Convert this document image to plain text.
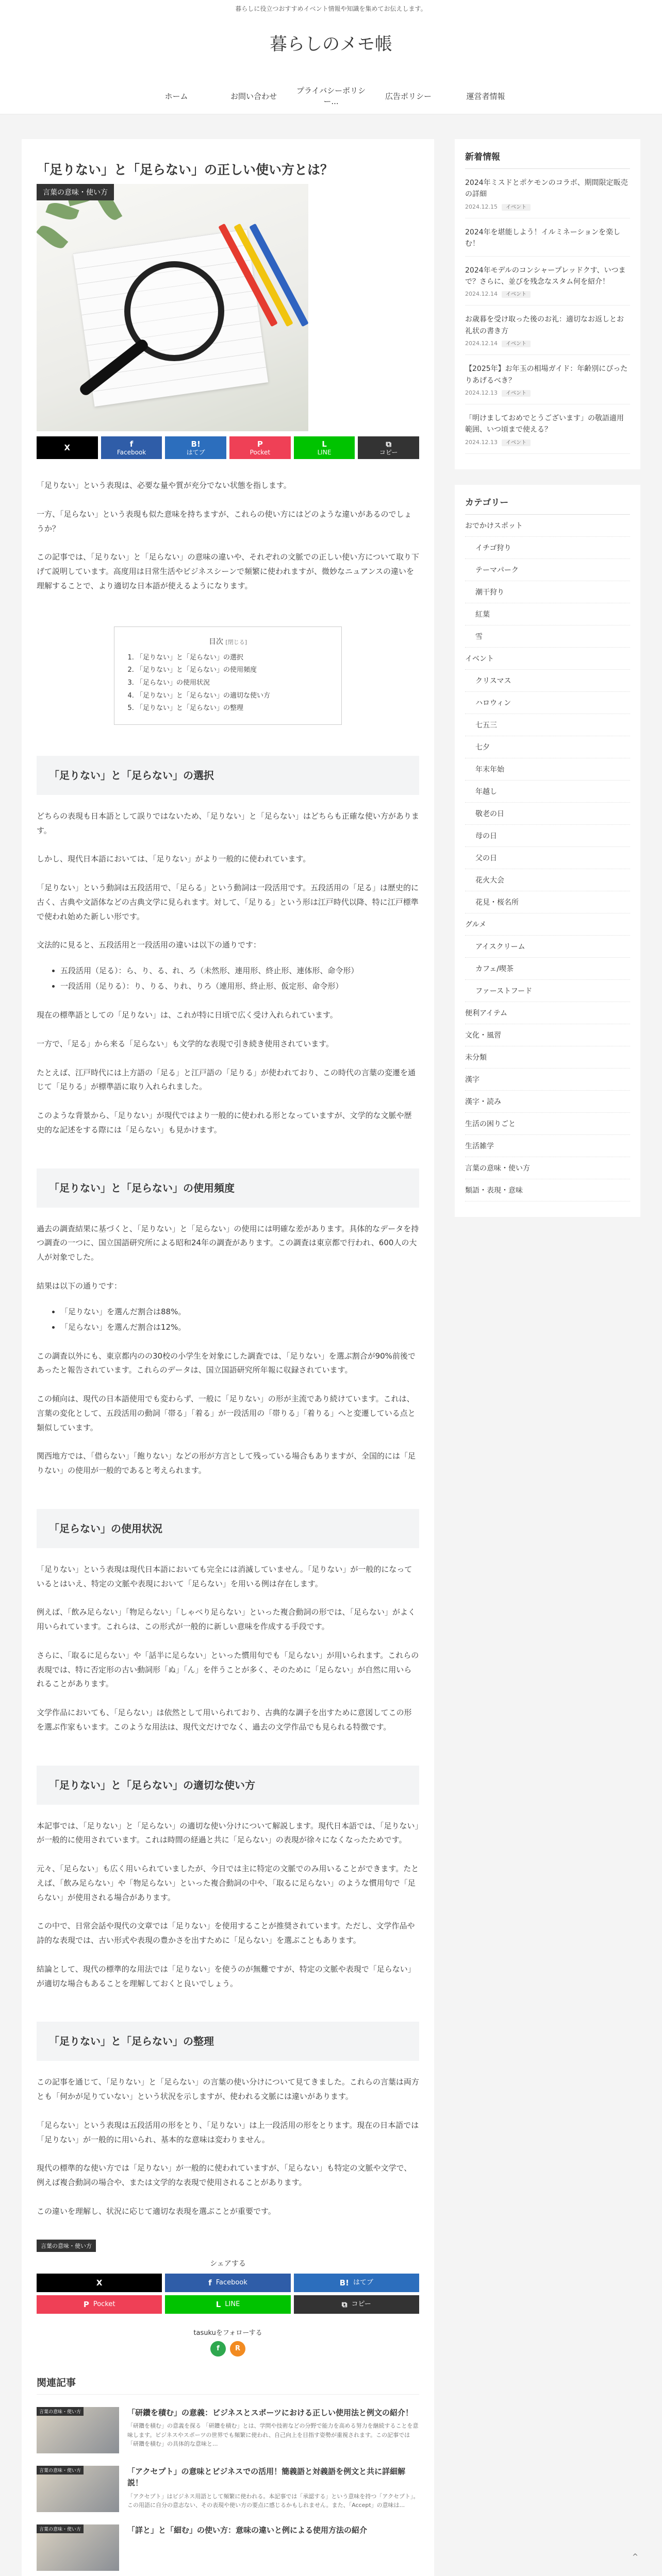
暮らしに役立つおすすめイベント情報や知識を集めてお伝えします。
暮らしのメモ帳
ホーム	お問い合わせ
プライバシーポリシー...
広告ポリシー	運営者情報
「足りない」と「足らない」の正しい使い方とは？
言葉の意味・使い方
X	f
Facebook
B!
はてブ
P
Pocket
L
LINE
⧉
コピー

「足りない」という表現は、必要な量や質が充分でない状態を指します。

一方、「足らない」という表現も似た意味を持ちますが、これらの使い方にはどのような違いがあるのでしょうか？

この記事では、「足りない」と「足らない」の意味の違いや、それぞれの文脈での正しい使い方について取り下げて説明しています。高度用は日常生活やビジネスシーンで頻繁に使われますが、微妙なニュアンスの違いを理解することで、より適切な日本語が使えるようになります。

目次 [閉じる]
1. 「足りない」と「足らない」の選択
2. 「足りない」と「足らない」の使用頻度
3. 「足らない」の使用状況
4. 「足りない」と「足らない」の適切な使い方
5. 「足りない」と「足らない」の整理
「足りない」と「足らない」の選択

どちらの表現も日本語として誤りではないため、「足りない」と「足らない」はどちらも正確な使い方があります。

しかし、現代日本語においては、「足りない」がより一般的に使われています。

「足りない」という動詞は五段活用で、「足らる」という動詞は一段活用です。五段活用の「足る」は歴史的に古く、古典や文語体などの古典文学に見られます。対して、「足りる」という形は江戸時代以降、特に江戸標準で使われ始めた新しい形です。

文法的に見ると、五段活用と一段活用の違いは以下の通りです：

• 五段活用（足る）：ら、り、る、れ、ろ（未然形、連用形、終止形、連体形、命令形）
• 一段活用（足りる）：り、りる、りれ、りろ（連用形、終止形、仮定形、命令形）

現在の標準語としての「足りない」は、これが特に日頃で広く受け入れられています。

一方で、「足る」から来る「足らない」も文学的な表現で引き続き使用されています。

たとえば、江戸時代には上方語の「足る」と江戸語の「足りる」が使われており、この時代の言葉の変遷を通じて「足りる」が標準語に取り入れられました。

このような背景から、「足りない」が現代ではより一般的に使われる形となっていますが、文学的な文脈や歴史的な記述をする際には「足らない」も見かけます。

「足りない」と「足らない」の使用頻度

過去の調査結果に基づくと、「足りない」と「足らない」の使用には明確な差があります。具体的なデータを持つ調査の一つに、国立国語研究所による昭和24年の調査があります。この調査は東京都で行われ、600人の大人が対象でした。

結果は以下の通りです：

• 「足りない」を選んだ割合は88%。
• 「足らない」を選んだ割合は12%。

この調査以外にも、東京都内のの30校の小学生を対象にした調査では、「足りない」を選ぶ割合が90%前後であったと報告されています。これらのデータは、国立国語研究所年報に収録されています。

この傾向は、現代の日本語使用でも変わらず、一般に「足りない」の形が主流であり続けています。これは、言葉の変化として、五段活用の動詞「帯る」「着る」が一段活用の「帯りる」「着りる」へと変遷している点と類似しています。

関西地方では、「借らない」「飽りない」などの形が方言として残っている場合もありますが、全国的には「足りない」の使用が一般的であると考えられます。

「足らない」の使用状況

「足りない」という表現は現代日本語においても完全には消滅していません。「足りない」が一般的になっているとはいえ、特定の文脈や表現において「足らない」を用いる例は存在します。

例えば、「飲み足らない」「物足らない」「しゃべり足らない」といった複合動詞の形では、「足らない」がよく用いられています。これらは、この形式が一般的に新しい意味を作成する手段です。

さらに、「取るに足らない」や「話半に足らない」といった慣用句でも「足らない」が用いられます。これらの表現では、特に否定形の古い動詞形「ぬ」「ん」を伴うことが多く、そのために「足らない」が自然に用いられることがあります。

文学作品においても、「足らない」は依然として用いられており、古典的な調子を出すために意図してこの形を選ぶ作家もいます。このような用法は、現代文だけでなく、過去の文学作品でも見られる特徴です。

「足りない」と「足らない」の適切な使い方

本記事では、「足りない」と「足らない」の適切な使い分けについて解説します。現代日本語では、「足りない」が一般的に使用されています。これは時間の経過と共に「足らない」の表現が徐々になくなったためです。

元々、「足らない」も広く用いられていましたが、今日では主に特定の文脈でのみ用いることができます。たとえば、「飲み足らない」や「物足らない」といった複合動詞の中や、「取るに足らない」のような慣用句で「足らない」が使用される場合があります。

この中で、日常会話や現代の文章では「足りない」を使用することが推奨されています。ただし、文学作品や詩的な表現では、古い形式や表現の豊かさを出すために「足らない」を選ぶこともあります。

結論として、現代の標準的な用法では「足りない」を使うのが無難ですが、特定の文脈や表現で「足らない」が適切な場合もあることを理解しておくと良いでしょう。

「足りない」と「足らない」の整理

この記事を通じて、「足りない」と「足らない」の言葉の使い分けについて見てきました。これらの言葉は両方とも「何かが足りていない」という状況を示しますが、使われる文脈には違いがあります。

「足らない」という表現は五段活用の形をとり、「足りない」は上一段活用の形をとります。現在の日本語では「足りない」が一般的に用いられ、基本的な意味は変わりません。

現代の標準的な使い方では「足りない」が一般的に使われていますが、「足らない」も特定の文脈や文学で、例えば複合動詞の場合や、または文学的な表現で使用されることがあります。

この違いを理解し、状況に応じて適切な表現を選ぶことが重要です。

言葉の意味・使い方
シェアする
X	f Facebook	B! はてブ
P Pocket	L LINE	⧉ コピー
tasukuをフォローする
f	R
関連記事
言葉の意味・使い方	「研鑽を積む」の意義：ビジネスとスポーツにおける正しい使用法と例文の紹介！
「研鑽を積む」の意義を探る 「研鑽を積む」とは、学問や技術などの分野で能力を高める努力を継続することを意味します。ビジネスやスポーツの世界でも頻繁に使われ、自己向上を目指す姿勢が重視されます。この記事では「研鑽を積む」の具体的な意味と...
言葉の意味・使い方	「アクセプト」の意味とビジネスでの活用！簡義語と対義語を例文と共に詳細解説！
「アクセプト」はビジネス用語として頻繁に使われる。本記事では「承認する」という意味を持つ「アクセプト」。この用語に自分の意志ない、その表現や使い方の要点に感じるかもしれません。また、「Accept」の意味は...
言葉の意味・使い方	「詳と」と「細む」の使い方：意味の違いと例による使用方法の紹介
新着情報
2024年ミスドとポケモンのコラボ、期間限定販売の詳細
2024.12.15 イベント
2024年を堪能しよう！イルミネーションを楽しむ！
2024年モデルのコンシャープレッドクす、いつまで？さらに、並びを残念なスタム何を紹介！
2024.12.14 イベント
お歳暮を受け取った後のお礼：適切なお返しとお礼状の書き方
2024.12.14 イベント
【2025年】お年玉の相場ガイド：年齢別にぴったりあげるべき？
2024.12.13 イベント
「明けましておめでとうございます」の敬語適用範囲、いつ頃まで使える？
2024.12.13 イベント
カテゴリー
おでかけスポット
イチゴ狩り
テーマパーク
潮干狩り
紅葉
雪
イベント
クリスマス
ハロウィン
七五三
七夕
年末年始
年越し
敬老の日
母の日
父の日
花火大会
花見・桜名所
グルメ
アイスクリーム
カフェ/喫茶
ファーストフード
便利アイテム
文化・風習
未分類
漢字
漢字・読み
生活の困りごと
生活雑学
言葉の意味・使い方
類語・表現・意味
^
